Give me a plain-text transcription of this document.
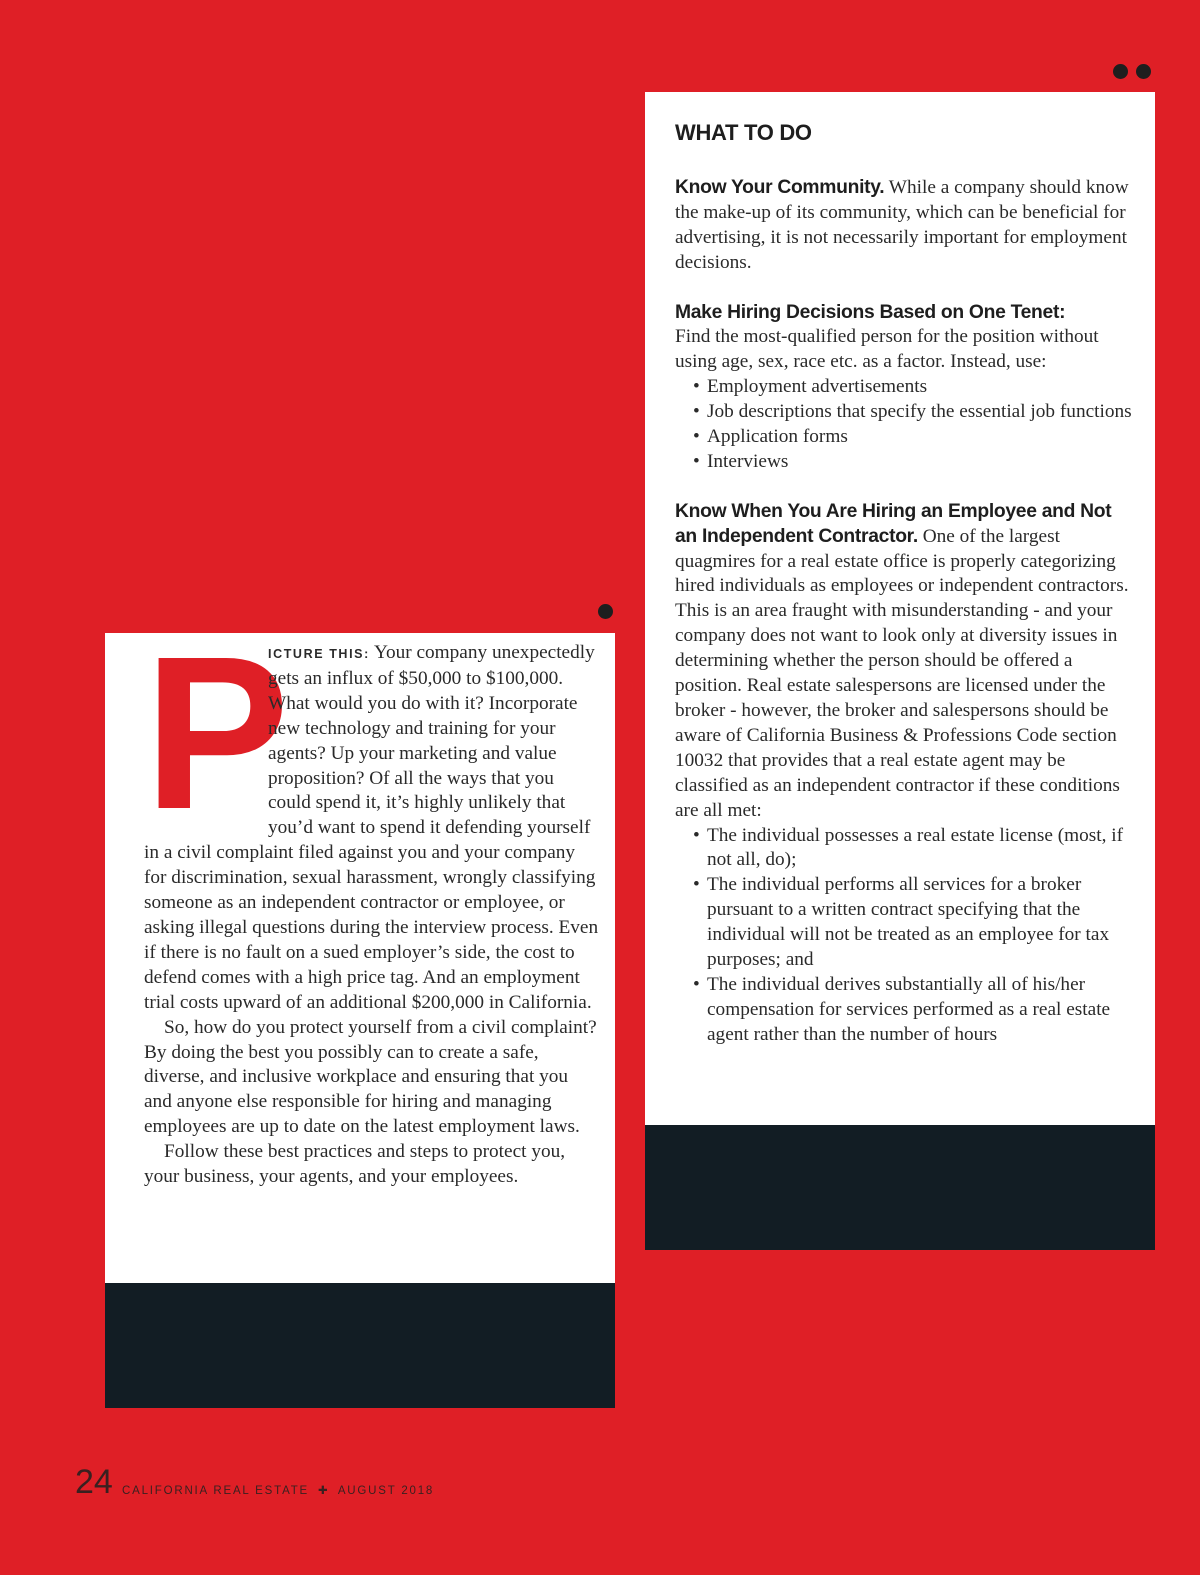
P
ICTURE THIS: Your company unexpectedly gets an influx of $50,000 to $100,000. What would you do with it? Incorporate new technology and training for your agents? Up your marketing and value proposition? Of all the ways that you could spend it, it’s highly unlikely that you’d want to spend it defending yourself in a civil complaint filed against you and your company for discrimination, sexual harassment, wrongly classifying someone as an independent contractor or employee, or asking illegal questions during the interview process. Even if there is no fault on a sued employer’s side, the cost to defend comes with a high price tag. And an employment trial costs upward of an additional $200,000 in California.

So, how do you protect yourself from a civil complaint? By doing the best you possibly can to create a safe, diverse, and inclusive workplace and ensuring that you and anyone else responsible for hiring and managing employees are up to date on the latest employment laws.

Follow these best practices and steps to protect you, your business, your agents, and your employees.

WHAT TO DO

Know Your Community. While a company should know the make-up of its community, which can be beneficial for advertising, it is not necessarily important for employment decisions.

Make Hiring Decisions Based on One Tenet:

Find the most-qualified person for the position without using age, sex, race etc. as a factor. Instead, use:

• Employment advertisements
• Job descriptions that specify the essential job functions
• Application forms
• Interviews

Know When You Are Hiring an Employee and Not an Independent Contractor. One of the largest quagmires for a real estate office is properly categorizing hired individuals as employees or independent contractors. This is an area fraught with misunderstanding - and your company does not want to look only at diversity issues in determining whether the person should be offered a position. Real estate salespersons are licensed under the broker - however, the broker and salespersons should be aware of California Business & Professions Code section 10032 that provides that a real estate agent may be classified as an independent contractor if these conditions are all met:

• The individual possesses a real estate license (most, if not all, do);
• The individual performs all services for a broker pursuant to a written contract specifying that the individual will not be treated as an employee for tax purposes; and
• The individual derives substantially all of his/her compensation for services performed as a real estate agent rather than the number of hours
24 CALIFORNIA REAL ESTATE ✚ AUGUST 2018
